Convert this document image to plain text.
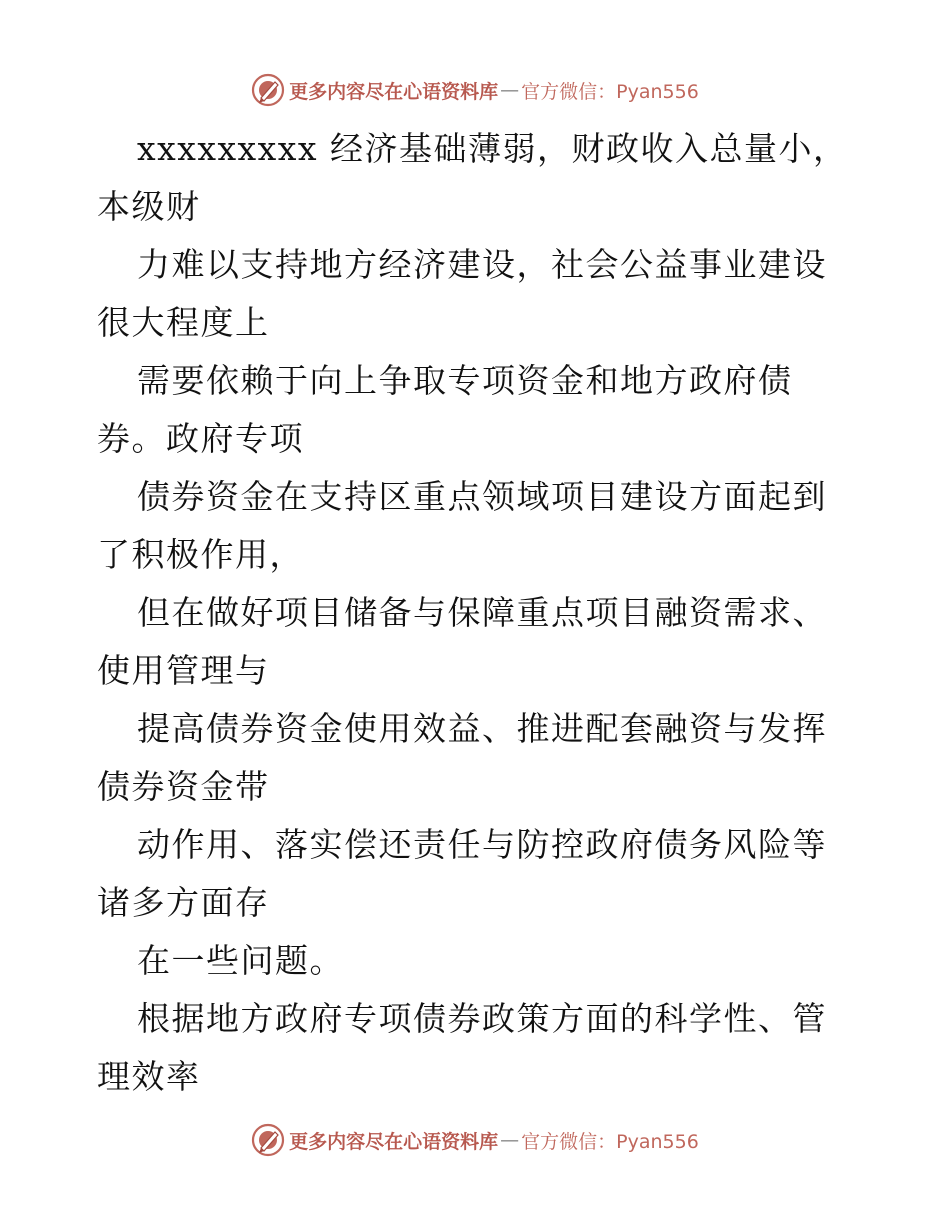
更多内容尽在心语资料库 — 官方微信：Pyan556

xxxxxxxxx 经济基础薄弱，财政收入总量小，本级财

力难以支持地方经济建设，社会公益事业建设很大程度上

需要依赖于向上争取专项资金和地方政府债券。政府专项

债券资金在支持区重点领域项目建设方面起到了积极作用，

但在做好项目储备与保障重点项目融资需求、使用管理与

提高债券资金使用效益、推进配套融资与发挥债券资金带

动作用、落实偿还责任与防控政府债务风险等诸多方面存

在一些问题。

根据地方政府专项债券政策方面的科学性、管理效率

更多内容尽在心语资料库 — 官方微信：Pyan556
